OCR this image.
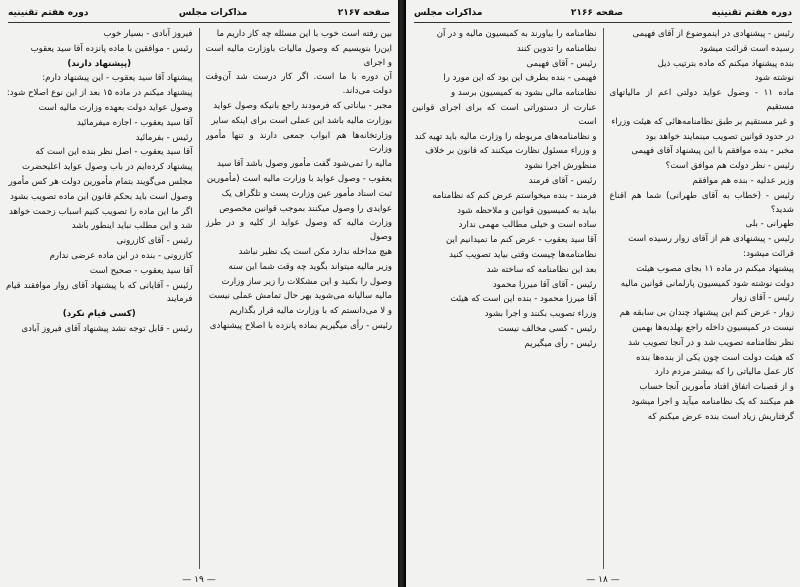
صفحه ۲۱۶۷
مذاکرات مجلس
دوره هفتم تقنینیه

بین رفته است خوب با این مسئله چه کار داریم ما

این‌را بنویسیم که وصول مالیات باوزارت مالیه است و اجرای

آن دوره با ما است. اگر کار درست شد آن‌وقت دولت می‌داند.

مجبر - بیاناتی که فرمودند راجع بانیکه وصول عواید

بوزارت مالیه باشد این عملی است برای اینکه سایر

وزارتخانه‌ها هم ابواب جمعی دارند و تنها مأمور وزارت

مالیه را تمی‌شود گفت مأمور وصول باشد آقا سید

یعقوب - وصول عواید با وزارت مالیه است (مأمورین

ثبت اسناد مأمور عین وزارت پست و تلگراف یک

عوایدی را وصول میکنند بموجب قوانین مخصوص

وزارت مالیه که وصول عواید از کلیه و در طرز وصول

هیچ مداخله ندارد مکن است یک نظیر نباشد

وزیر مالیه میتواند بگوید چه وقت شما این سنه

وصول را بکنید و این مشکلات را زیر ساز وزارت

مالیه سالیانه می‌شوید بهر حال تمامش عملی نیست

و لا می‌دانستم که با وزارت مالیه قرار بگذاریم

رئیس - رأی میگیریم بماده پانزده با اصلاح پیشنهادی

فیروز آبادی - بسیار خوب

رئیس - موافقین با ماده پانزده آقا سید یعقوب

(پیشنهاد دارند)

پیشنهاد آقا سید یعقوب - این پیشنهاد دارم:

پیشنهاد میکنم در ماده ۱۵ بعد از این نوع اصلاح شود:

وصول عواید دولت بعهده وزارت مالیه است

آقا سید یعقوب - اجازه میفرمائید

رئیس - بفرمائید

آقا سید یعقوب - اصل نظر بنده این است که

پیشنهاد کرده‌ایم در باب وصول عواید اعلیحضرت

مجلس می‌گویند بتمام مأمورین دولت هر کس مأمور

وصول است باید بحکم قانون این ماده تصویب بشود

اگر ما این ماده را تصویب کنیم اسباب زحمت خواهد

شد و این مطلب نباید اینطور باشد

رئیس - آقای کازرونی

کازرونی - بنده در این ماده عرضی ندارم

آقا سید یعقوب - صحیح است

رئیس - آقایانی که با پیشنهاد آقای زوار موافقند قیام فرمایند

(کسی قیام نکرد)

رئیس - قابل توجه نشد پیشنهاد آقای فیروز آبادی

— ۱۹ —
دوره هفتم تقنینیه
صفحه ۲۱۶۶
مذاکرات مجلس

رئیس - پیشنهادی در اینموضوع از آقای فهیمی

رسیده است قرائت میشود

بنده پیشنهاد میکنم که ماده بترتیب ذیل

نوشته شود

ماده ۱۱ - وصول عواید دولتی اعم از مالیاتهای مستقیم

و غیر مستقیم بر طبق نظامنامه‌هائی که هیئت وزراء

در حدود قوانین تصویب مینمایند خواهد بود

مخبر - بنده موافقم با این پیشنهاد آقای فهیمی

رئیس - نظر دولت هم موافق است؟

وزیر عدلیه - بنده هم موافقم

رئیس - (خطاب به آقای طهرانی) شما هم اقناع شدید؟

طهرانی - بلی

رئیس - پیشنهادی هم از آقای زوار رسیده است

قرائت میشود:

پیشنهاد میکنم در ماده ۱۱ بجای مصوب هیئت

دولت نوشته شود کمیسیون پارلمانی قوانین مالیه

رئیس - آقای زوار

زوار - عرض کنم این پیشنهاد چندان بی سابقه هم

نیست در کمیسیون داخله راجع بهلدیه‌ها بهمین

نظر نظامنامه تصویب شد و در آنجا تصویب شد

که هیئت دولت است چون یکی از بنده‌ها بنده

کار عمل مالیاتی را که بیشتر مردم دارد

و از قصبات اتفاق افتاد مأمورین آنجا حساب

هم میکنند که یک نظامنامه میآید و اجرا میشود

گرفتاریش زیاد است بنده عرض میکنم که

نظامنامه را بیاورند به کمیسیون مالیه و در آن

نظامنامه را تدوین کنند

رئیس - آقای فهیمی

فهیمی - بنده بطرف این بود که این مورد را

نظامنامه مالی بشود به کمیسیون برسد و

عبارت از دستوراتی است که برای اجرای قوانین است

و نظامنامه‌های مربوطه را وزارت مالیه باید تهیه کند

و وزراء مسئول نظارت میکنند که قانون بر خلاف

منظورش اجرا نشود

رئیس - آقای فرمند

فرمند - بنده میخواستم عرض کنم که نظامنامه

بیاید به کمیسیون قوانین و ملاحظه شود

ساده است و خیلی مطالب مهمی ندارد

آقا سید یعقوب - عرض کنم ما نمیدانیم این

نظامنامه‌ها چیست وقتی بیاید تصویب کنید

بعد این نظامنامه که ساخته شد

رئیس - آقای آقا میرزا محمود

آقا میرزا محمود - بنده این است که هیئت

وزراء تصویب بکنند و اجرا بشود

رئیس - کسی مخالف نیست

رئیس - رأی میگیریم

— ۱۸ —
